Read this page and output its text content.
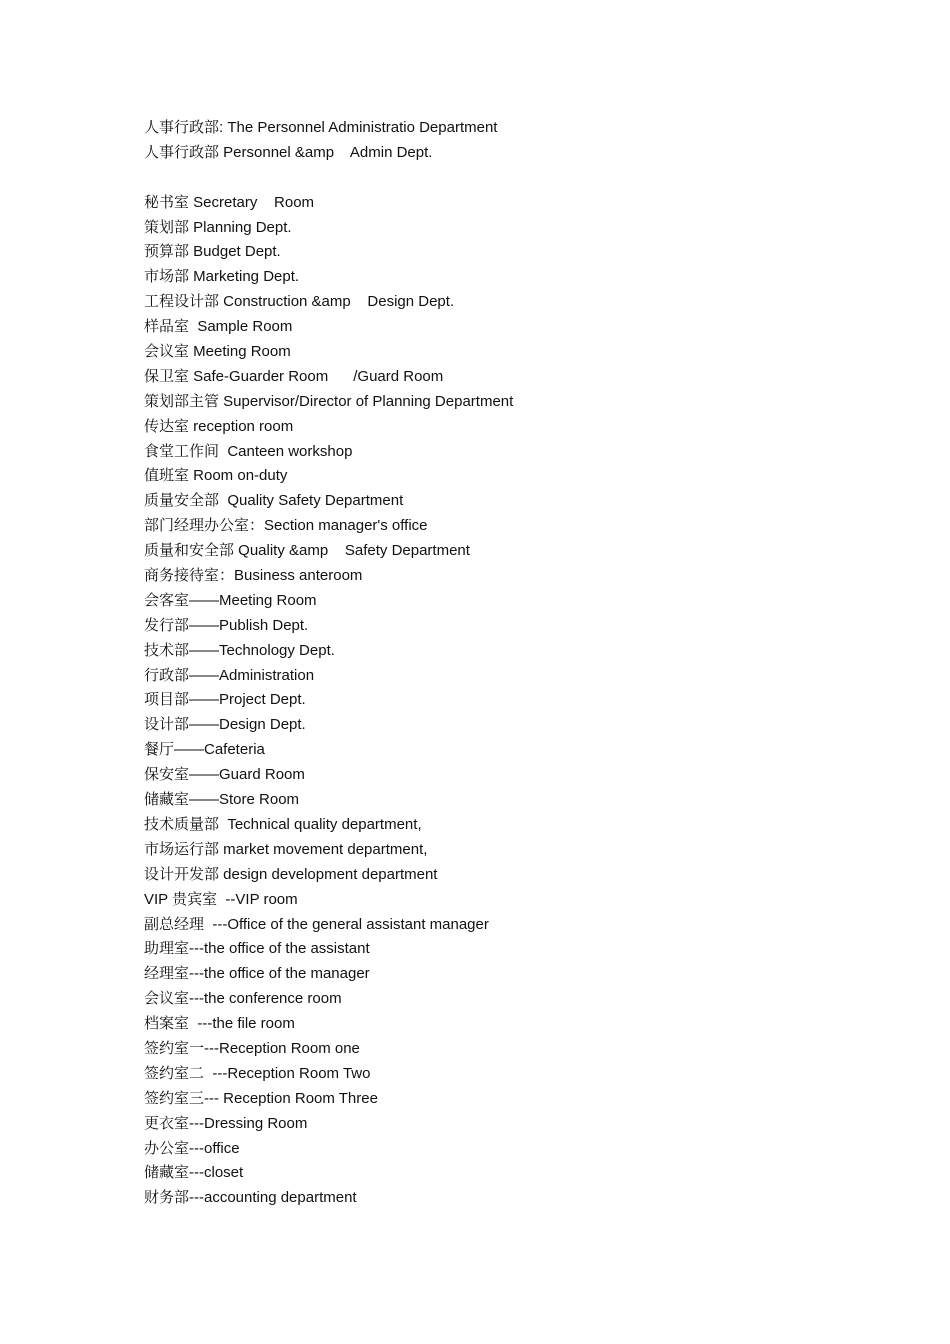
人事行政部: The Personnel Administratio Department
人事行政部 Personnel &amp    Admin Dept.
秘书室 Secretary    Room
策划部 Planning Dept.
预算部 Budget Dept.
市场部 Marketing Dept.
工程设计部 Construction &amp    Design Dept.
样品室  Sample Room
会议室 Meeting Room
保卫室 Safe-Guarder Room      /Guard Room
策划部主管 Supervisor/Director of Planning Department
传达室 reception room
食堂工作间  Canteen workshop
值班室 Room on-duty
质量安全部  Quality Safety Department
部门经理办公室：Section manager's office
质量和安全部 Quality &amp    Safety Department
商务接待室：Business anteroom
会客室——Meeting Room
发行部——Publish Dept.
技术部——Technology Dept.
行政部——Administration
项目部——Project Dept.
设计部——Design Dept.
餐厅——Cafeteria
保安室——Guard Room
储藏室——Store Room
技术质量部  Technical quality department,
市场运行部 market movement department,
设计开发部 design development department
VIP 贵宾室  --VIP room
副总经理  ---Office of the general assistant manager
助理室---the office of the assistant
经理室---the office of the manager
会议室---the conference room
档案室  ---the file room
签约室一---Reception Room one
签约室二  ---Reception Room Two
签约室三--- Reception Room Three
更衣室---Dressing Room
办公室---office
储藏室---closet
财务部---accounting department
